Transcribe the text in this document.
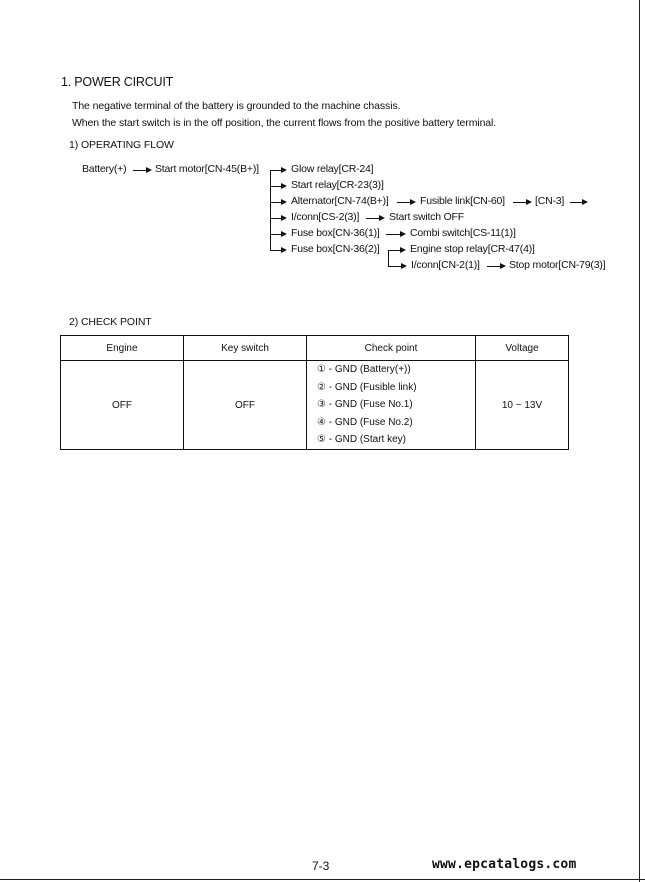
1. POWER CIRCUIT
The negative terminal of the battery is grounded to the machine chassis.
When the start switch is in the off position, the current flows from the positive battery terminal.
1) OPERATING FLOW
Battery(+)	Start motor[CN-45(B+)]	Glow relay[CR-24]
Start relay[CR-23(3)]
Alternator[CN-74(B+)]	Fusible link[CN-60]	[CN-3]
I/conn[CS-2(3)]	Start switch OFF
Fuse box[CN-36(1)]	Combi switch[CS-11(1)]
Fuse box[CN-36(2)]	Engine stop relay[CR-47(4)]
I/conn[CN-2(1)]	Stop motor[CN-79(3)]
2) CHECK POINT
Engine	Key switch	Check point	Voltage
OFF	OFF	① - GND (Battery(+))
② - GND (Fusible link)
③ - GND (Fuse No.1)
④ - GND (Fuse No.2)
⑤ - GND (Start key)	10 ~ 13V
7-3	www.epcatalogs.com
